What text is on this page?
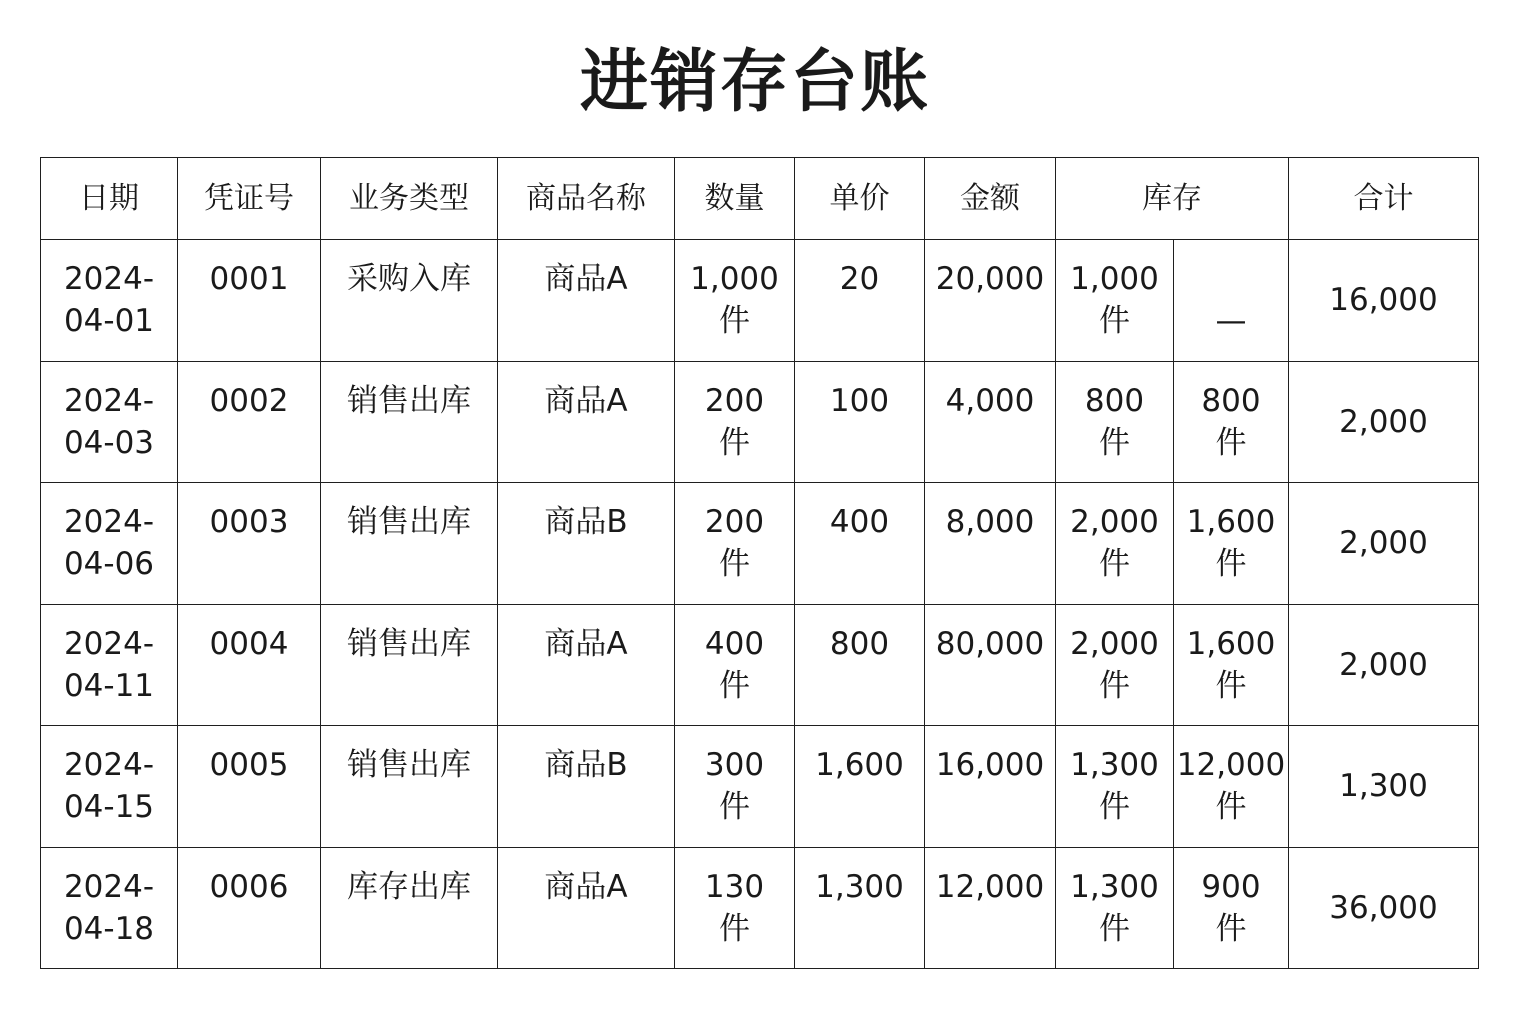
进销存台账
日期	凭证号	业务类型	商品名称	数量	单价	金额	库存		合计

2024-
04-01	0001	采购入库	商品A	1,000
件	20	20,000	1,000
件	—	16,000

2024-
04-03	0002	销售出库	商品A	200
件	100	4,000	800
件	800
件	2,000

2024-
04-06	0003	销售出库	商品B	200
件	400	8,000	2,000
件	1,600
件	2,000

2024-
04-11	0004	销售出库	商品A	400
件	800	80,000	2,000
件	1,600
件	2,000

2024-
04-15	0005	销售出库	商品B	300
件	1,600	16,000	1,300
件	12,000
件	1,300

2024-
04-18	0006	库存出库	商品A	130
件	1,300	12,000	1,300
件	900
件	36,000
